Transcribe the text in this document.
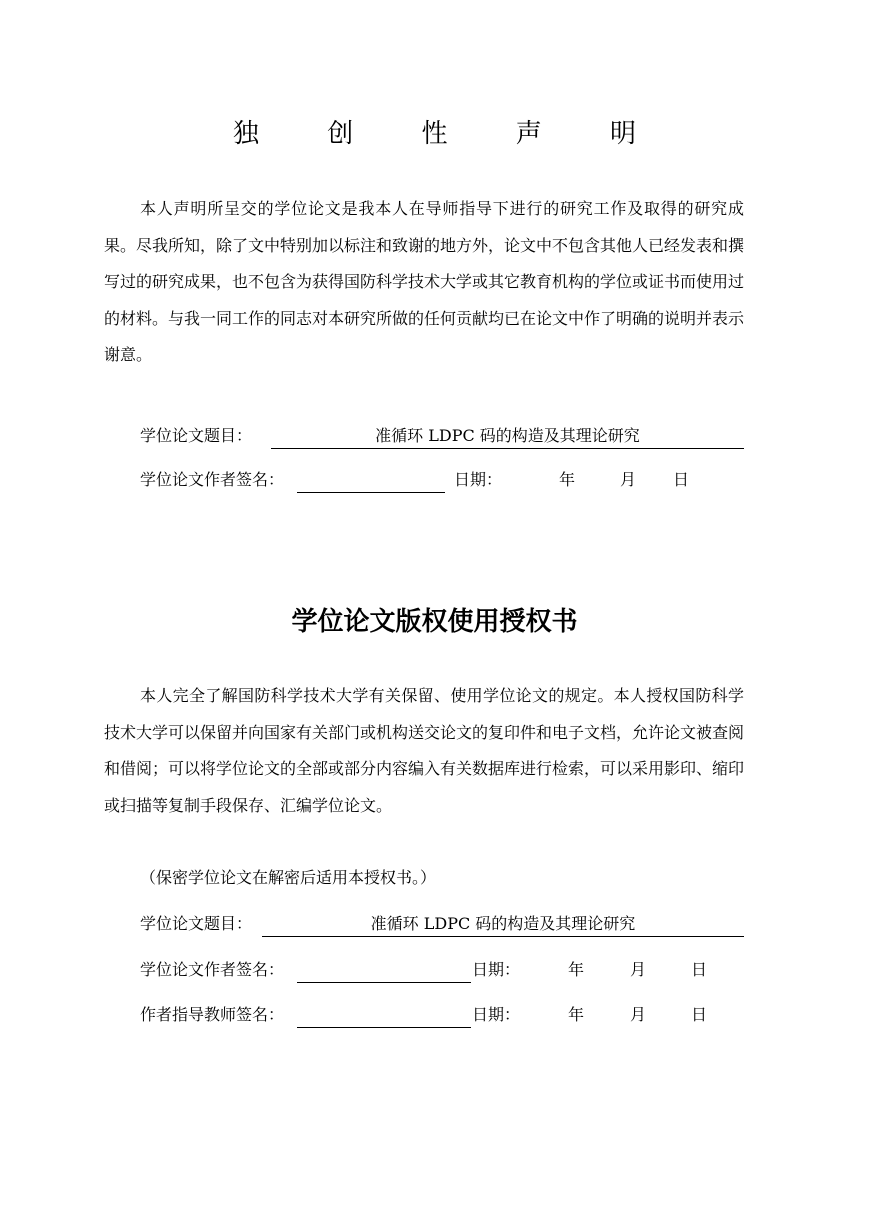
独 创 性 声 明

本人声明所呈交的学位论文是我本人在导师指导下进行的研究工作及取得的研究成果。尽我所知，除了文中特别加以标注和致谢的地方外，论文中不包含其他人已经发表和撰写过的研究成果，也不包含为获得国防科学技术大学或其它教育机构的学位或证书而使用过的材料。与我一同工作的同志对本研究所做的任何贡献均已在论文中作了明确的说明并表示谢意。

学位论文题目：	准循环 LDPC 码的构造及其理论研究
学位论文作者签名：	日期：	年	月 日
学位论文版权使用授权书

本人完全了解国防科学技术大学有关保留、使用学位论文的规定。本人授权国防科学技术大学可以保留并向国家有关部门或机构送交论文的复印件和电子文档，允许论文被查阅和借阅；可以将学位论文的全部或部分内容编入有关数据库进行检索，可以采用影印、缩印或扫描等复制手段保存、汇编学位论文。

（保密学位论文在解密后适用本授权书。）

学位论文题目：	准循环 LDPC 码的构造及其理论研究
学位论文作者签名：	日期：	年	月	日
作者指导教师签名：	日期：	年	月	日
